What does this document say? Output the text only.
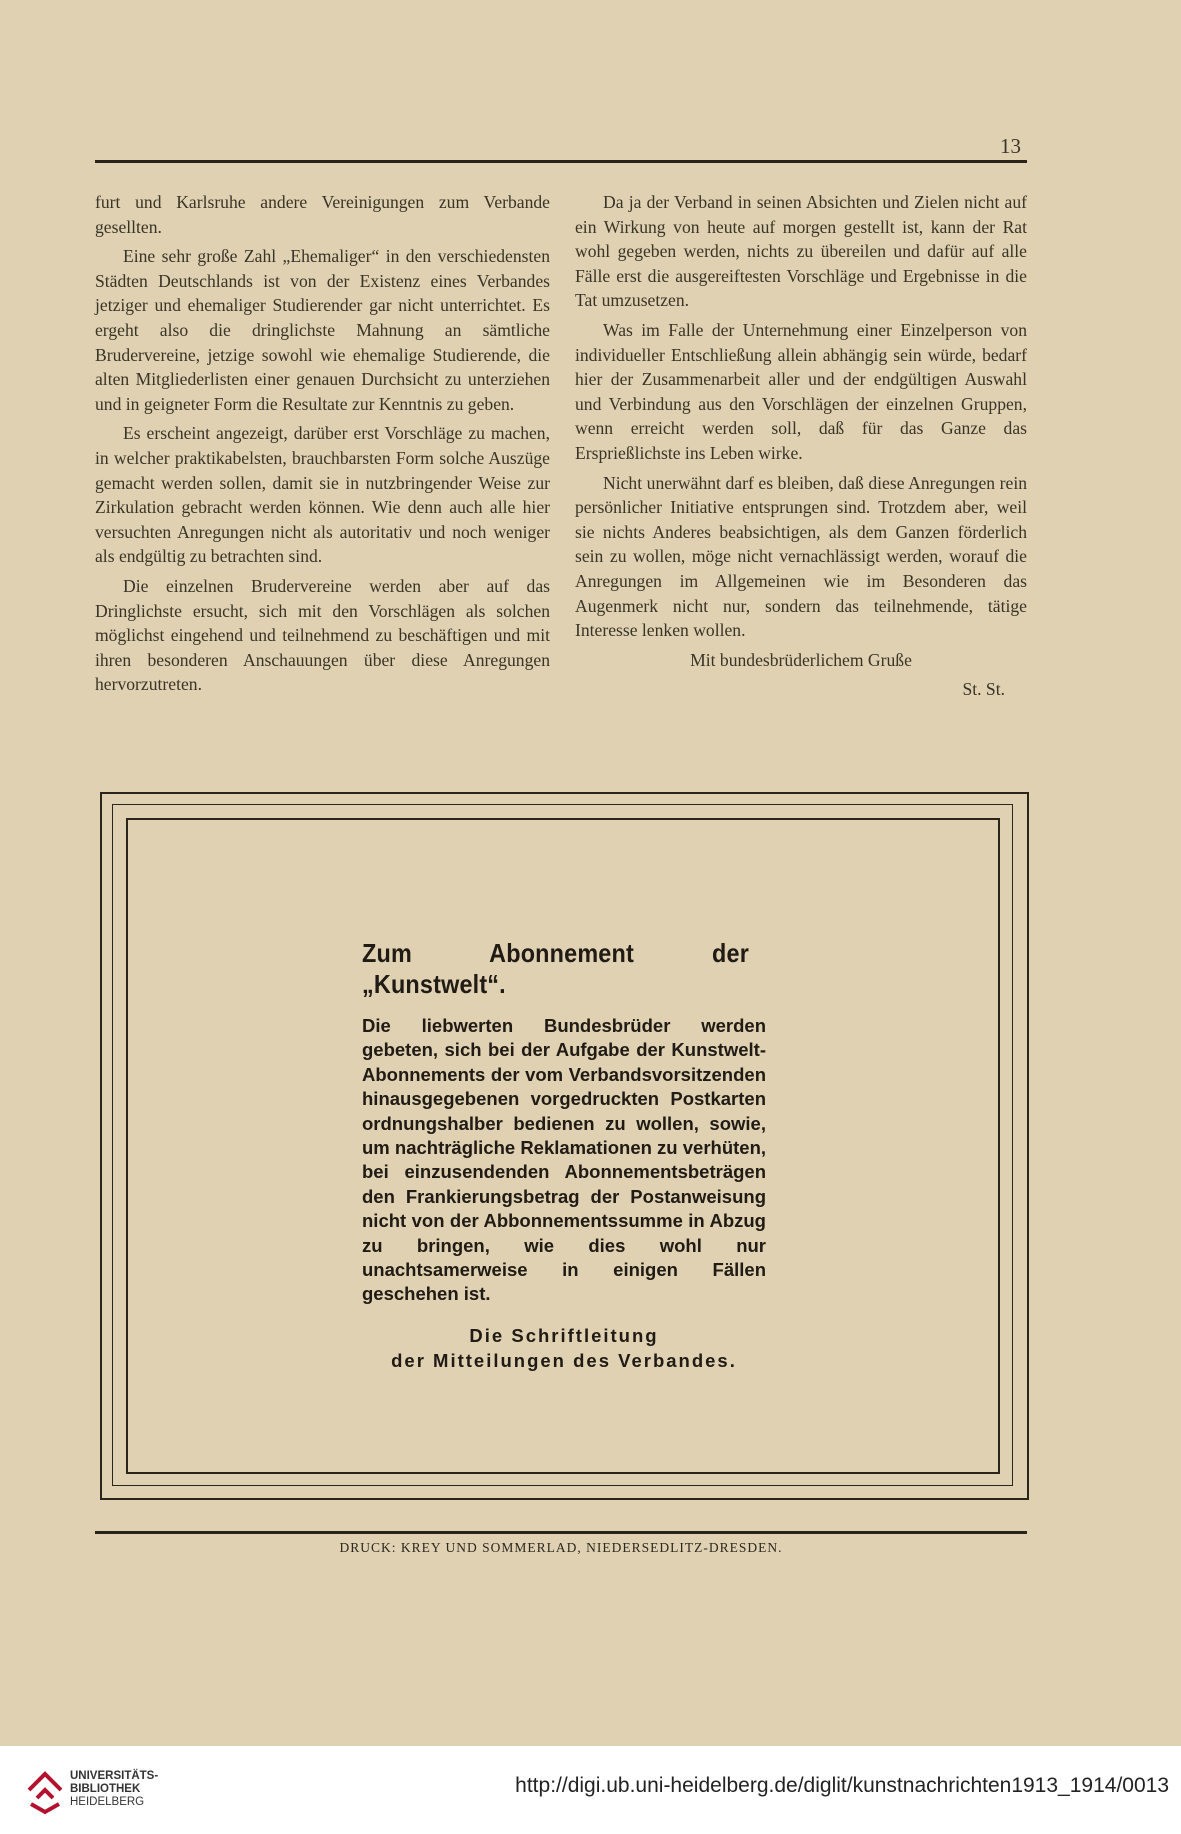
13

furt und Karlsruhe andere Vereinigungen zum Verbande gesellten.

Eine sehr große Zahl „Ehemaliger“ in den verschiedensten Städten Deutschlands ist von der Existenz eines Verbandes jetziger und ehemaliger Studierender gar nicht unterrichtet. Es ergeht also die dringlichste Mahnung an sämtliche Brudervereine, jetzige sowohl wie ehemalige Studierende, die alten Mitgliederlisten einer genauen Durchsicht zu unterziehen und in geigneter Form die Resultate zur Kenntnis zu geben.

Es erscheint angezeigt, darüber erst Vorschläge zu machen, in welcher praktikabelsten, brauchbarsten Form solche Auszüge gemacht werden sollen, damit sie in nutzbringender Weise zur Zirkulation gebracht werden können. Wie denn auch alle hier versuchten Anregungen nicht als autoritativ und noch weniger als endgültig zu betrachten sind.

Die einzelnen Brudervereine werden aber auf das Dringlichste ersucht, sich mit den Vorschlägen als solchen möglichst eingehend und teilnehmend zu beschäftigen und mit ihren besonderen Anschauungen über diese Anregungen hervorzutreten.

Da ja der Verband in seinen Absichten und Zielen nicht auf ein Wirkung von heute auf morgen gestellt ist, kann der Rat wohl gegeben werden, nichts zu übereilen und dafür auf alle Fälle erst die ausgereiftesten Vorschläge und Ergebnisse in die Tat umzusetzen.

Was im Falle der Unternehmung einer Einzelperson von individueller Entschließung allein abhängig sein würde, bedarf hier der Zusammenarbeit aller und der endgültigen Auswahl und Verbindung aus den Vorschlägen der einzelnen Gruppen, wenn erreicht werden soll, daß für das Ganze das Ersprießlichste ins Leben wirke.

Nicht unerwähnt darf es bleiben, daß diese Anregungen rein persönlicher Initiative entsprungen sind. Trotzdem aber, weil sie nichts Anderes beabsichtigen, als dem Ganzen förderlich sein zu wollen, möge nicht vernachlässigt werden, worauf die Anregungen im Allgemeinen wie im Besonderen das Augenmerk nicht nur, sondern das teilnehmende, tätige Interesse lenken wollen.

Mit bundesbrüderlichem Gruße

St. St.

Zum Abonnement der „Kunstwelt“.

Die liebwerten Bundesbrüder werden gebeten, sich bei der Aufgabe der Kunstwelt-Abonnements der vom Verbandsvorsitzenden hinausgegebenen vorgedruckten Postkarten ordnungshalber bedienen zu wollen, sowie, um nachträgliche Reklamationen zu verhüten, bei einzusendenden Abonnementsbeträgen den Frankierungsbetrag der Postanweisung nicht von der Abbonnementssumme in Abzug zu bringen, wie dies wohl nur unachtsamerweise in einigen Fällen geschehen ist.

Die Schriftleitung
der Mitteilungen des Verbandes.
DRUCK: KREY UND SOMMERLAD, NIEDERSEDLITZ-DRESDEN.
UNIVERSITÄTS-
BIBLIOTHEK
HEIDELBERG
http://digi.ub.uni-heidelberg.de/diglit/kunstnachrichten1913_1914/0013
